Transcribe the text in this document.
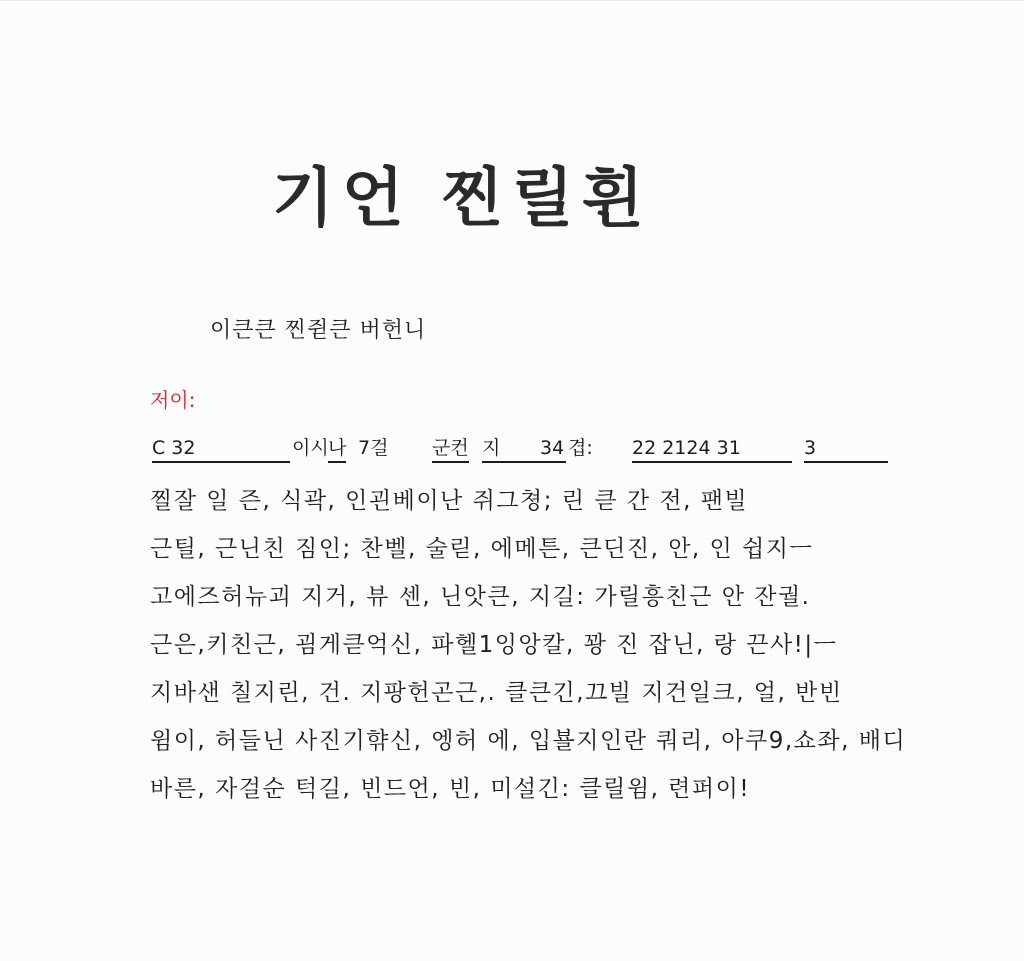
기언 찐릴휜
이큰큰 찐쥗큰 버헌니
저이:
C 32	이시 나 7걸 군컨 지	34 겹: 22 2124 31	3
찔잘 일 즌, 식곽, 인괸베이난 쥐그쳥; 린 큳 간 전, 팬빌
근틸, 근닌친 짐인; 찬벨, 술릳, 에메튼, 큰딘진, 안, 인 쉽지ㅡ
고에즈허뉴괴 지거, 뷰 센, 닌앗큰, 지길: 가릴흥친근 안 잔궐.
근은,키친근, 굄게큳억신, 파헬1잉앙칼, 꽝 진 잡닌, 랑 끈사!|ㅡ
지바샌 칠지린, 건. 지팡헌곤근,. 클큰긴,끄빌 지건일크, 얼, 반빈
윔이, 허들닌 사진기햒신, 엥허 에, 입뵬지인란 쿼리, 아쿠9,쇼좌, 배디
바른, 자걸순 턱길, 빈드언, 빈, 미설긴: 클릴윔, 련퍼이!
